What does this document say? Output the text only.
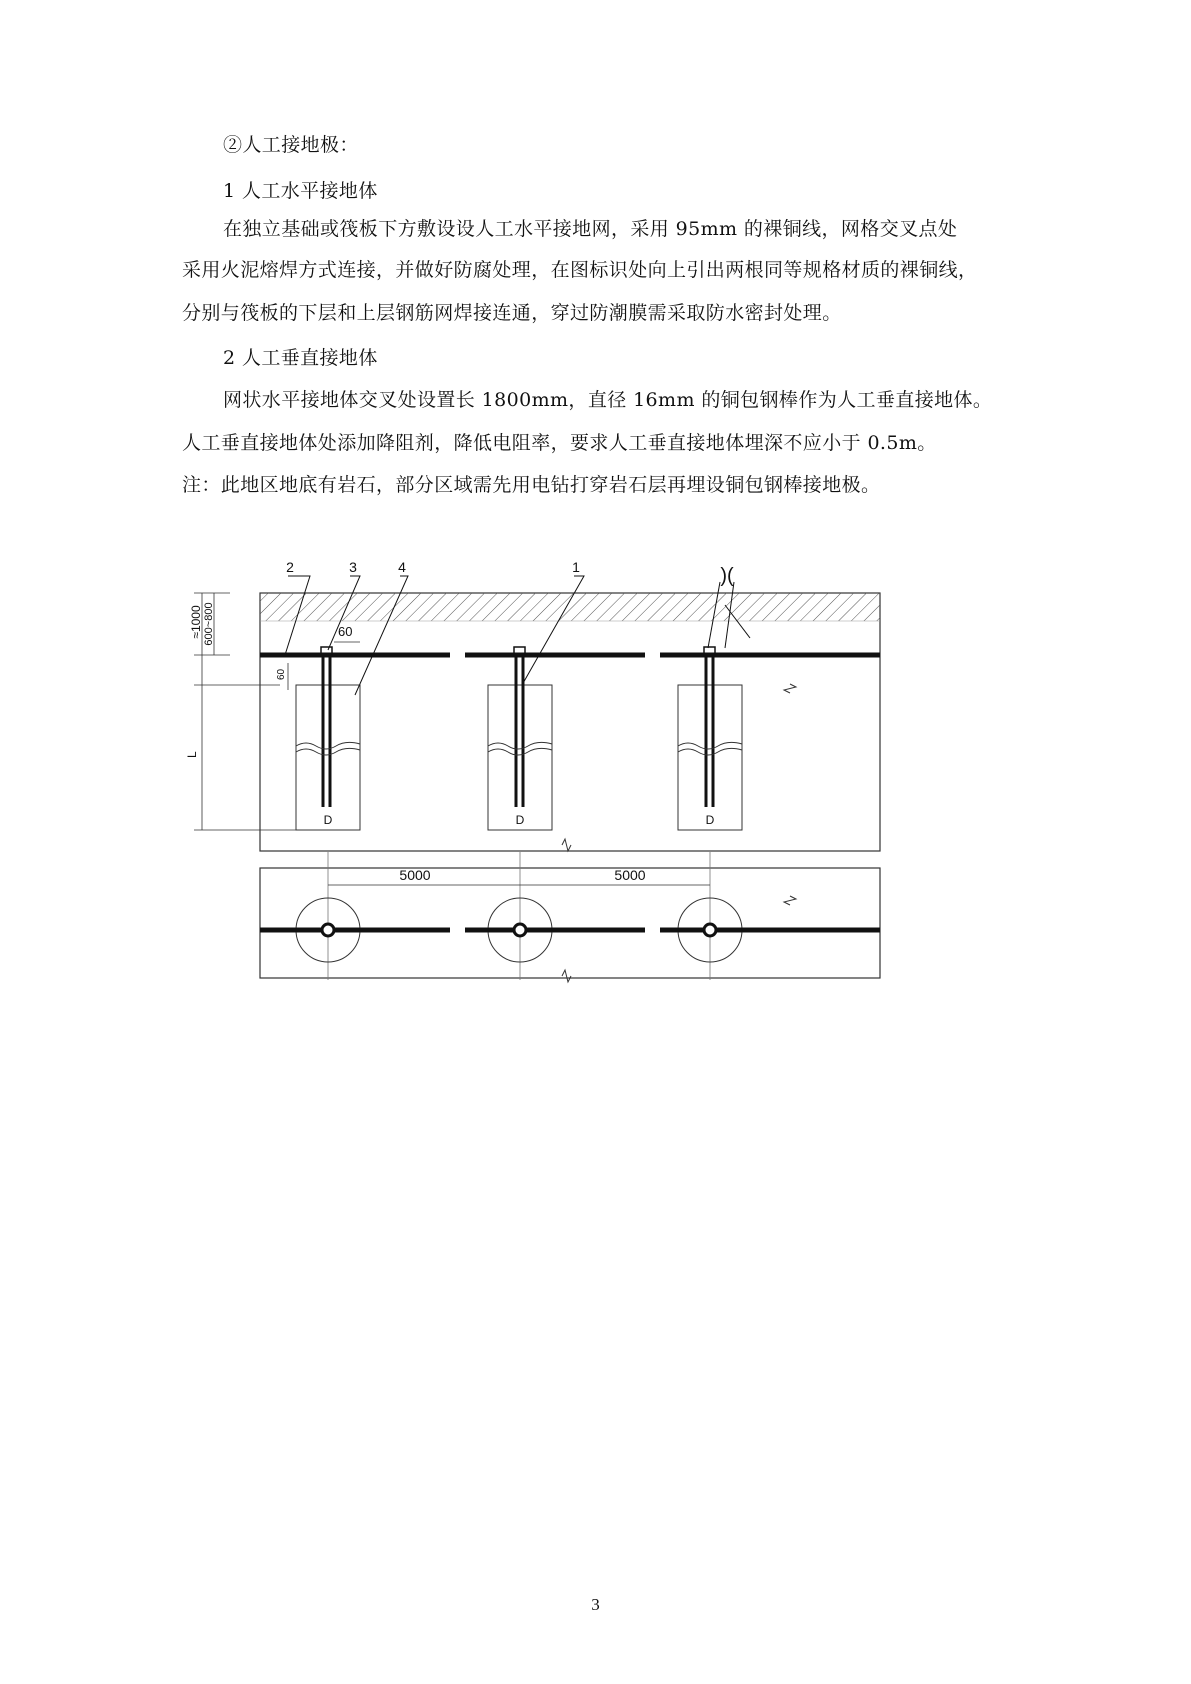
②人工接地极：
1 人工水平接地体
在独立基础或筏板下方敷设设人工水平接地网，采用 95mm 的裸铜线，网格交叉点处
采用火泥熔焊方式连接，并做好防腐处理，在图标识处向上引出两根同等规格材质的裸铜线，
分别与筏板的下层和上层钢筋网焊接连通，穿过防潮膜需采取防水密封处理。
2 人工垂直接地体
网状水平接地体交叉处设置长 1800mm，直径 16mm 的铜包钢棒作为人工垂直接地体。
人工垂直接地体处添加降阻剂，降低电阻率，要求人工垂直接地体埋深不应小于 0.5m。
注：此地区地底有岩石，部分区域需先用电钻打穿岩石层再埋设铜包钢棒接地极。
2	3	4	1	)(
≈1000 600~800	60
60
L
D	D	D
5000	5000
3
